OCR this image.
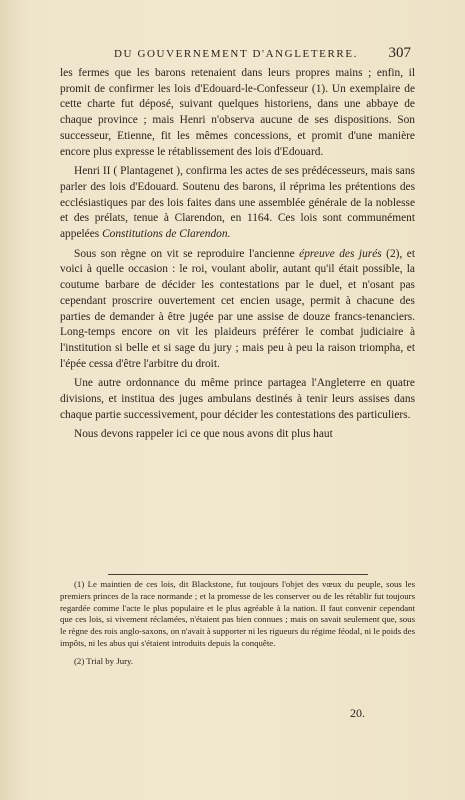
DU GOUVERNEMENT D'ANGLETERRE. 307

les fermes que les barons retenaient dans leurs propres mains ; enfin, il promit de confirmer les lois d'Edouard-le-Confesseur (1). Un exemplaire de cette charte fut déposé, suivant quelques historiens, dans une abbaye de chaque province ; mais Henri n'observa aucune de ses dispositions. Son successeur, Etienne, fit les mêmes concessions, et promit d'une manière encore plus expresse le rétablissement des lois d'Edouard.

Henri II ( Plantagenet ), confirma les actes de ses prédécesseurs, mais sans parler des lois d'Edouard. Soutenu des barons, il réprima les prétentions des ecclésiastiques par des lois faites dans une assemblée générale de la noblesse et des prélats, tenue à Clarendon, en 1164. Ces lois sont communément appelées Constitutions de Clarendon.

Sous son règne on vit se reproduire l'ancienne épreuve des jurés (2), et voici à quelle occasion : le roi, voulant abolir, autant qu'il était possible, la coutume barbare de décider les contestations par le duel, et n'osant pas cependant proscrire ouvertement cet encien usage, permit à chacune des parties de demander à être jugée par une assise de douze francs-tenanciers. Long-temps encore on vit les plaideurs préférer le combat judiciaire à l'institution si belle et si sage du jury ; mais peu à peu la raison triompha, et l'épée cessa d'être l'arbitre du droit.

Une autre ordonnance du même prince partagea l'Angleterre en quatre divisions, et institua des juges ambulans destinés à tenir leurs assises dans chaque partie successivement, pour décider les contestations des particuliers.

Nous devons rappeler ici ce que nous avons dit plus haut

(1) Le maintien de ces lois, dit Blackstone, fut toujours l'objet des vœux du peuple, sous les premiers princes de la race normande ; et la promesse de les conserver ou de les rétablir fut toujours regardée comme l'acte le plus populaire et le plus agréable à la nation. Il faut convenir cependant que ces lois, si vivement réclamées, n'étaient pas bien connues ; mais on savait seulement que, sous le règne des rois anglo-saxons, on n'avait à supporter ni les rigueurs du régime féodal, ni le poids des impôts, ni les abus qui s'étaient introduits depuis la conquête.

(2) Trial by Jury.

20.
